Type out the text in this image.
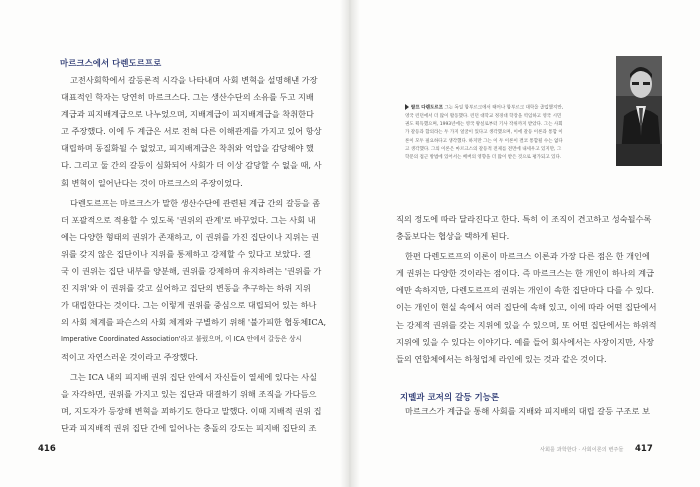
마르크스에서 다렌도르프로

고전사회학에서 갈등론적 시각을 나타내며 사회 변혁을 설명해낸 가장

대표적인 학자는 당연히 마르크스다. 그는 생산수단의 소유를 두고 지배

계급과 피지배계급으로 나누었으며, 지배계급이 피지배계급을 착취한다

고 주장했다. 이에 두 계급은 서로 전혀 다른 이해관계를 가지고 있어 항상

대립하며 동질화될 수 없었고, 피지배계급은 착취와 억압을 감당해야 했

다. 그리고 둘 간의 갈등이 심화되어 사회가 더 이상 감당할 수 없을 때, 사

회 변혁이 일어난다는 것이 마르크스의 주장이었다.

다렌도르프는 마르크스가 말한 생산수단에 관련된 계급 간의 갈등을 좀

더 포괄적으로 적용할 수 있도록 '권위의 관계'로 바꾸었다. 그는 사회 내

에는 다양한 형태의 권위가 존재하고, 이 권위를 가진 집단이나 지위는 권

위를 갖지 않은 집단이나 지위를 통제하고 강제할 수 있다고 보았다. 결

국 이 권위는 집단 내부를 양분해, 권위를 강제하며 유지하려는 '권위를 가

진 지위'와 이 권위를 갖고 싶어하고 집단의 변동을 추구하는 하위 지위

가 대립한다는 것이다. 그는 이렇게 권위를 중심으로 대립되어 있는 하나

의 사회 체계를 파슨스의 사회 체계와 구별하기 위해 '불가피한 협동체ICA,

Imperative Coordinated Association'라고 불렀으며, 이 ICA 안에서 갈등은 상시

적이고 자연스러운 것이라고 주장했다.

그는 ICA 내의 피지배 권위 집단 안에서 자신들이 열세에 있다는 사실

을 자각하면, 권위를 가지고 있는 집단과 대결하기 위해 조직을 가다듬으

며, 지도자가 등장해 변혁을 꾀하기도 한다고 말했다. 이때 지배적 권위 집

단과 피지배적 권위 집단 간에 일어나는 충돌의 강도는 피지배 집단의 조

416

랄프 다렌도르프 그는 독일 함부르크에서 태어나 함부르크 대학을 졸업했지만,

영국 런던에서 더 많이 활동했다. 런던 대학교 정경대 학장을 역임하고 영국 시민

권도 획득했으며, 1993년에는 영국 왕실로부터 기사 작위까지 받았다. 그는 사회

가 갈등과 합의라는 두 가지 얼굴이 있다고 생각했으며, 이에 갈등 이론과 통합 이

론이 모두 필요하다고 생각했다. 하지만 그는 이 두 이론이 결코 통합될 수는 없다

고 생각했다. 그의 이론은 마르크스의 갈등적 전제를 전면에 내세우고 있지만, 그

학문의 접근 방법에 있어서는 베버의 영향을 더 많이 받은 것으로 평가되고 있다.

직의 정도에 따라 달라진다고 한다. 특히 이 조직이 견고하고 성숙될수록

충돌보다는 협상을 택하게 된다.

한편 다렌도르프의 이론이 마르크스 이론과 가장 다른 점은 한 개인에

게 권위는 다양한 것이라는 점이다. 즉 마르크스는 한 개인이 하나의 계급

에만 속하지만, 다렌도르프의 권위는 개인이 속한 집단마다 다를 수 있다.

이는 개인이 현실 속에서 여러 집단에 속해 있고, 이에 따라 어떤 집단에서

는 강제적 권위를 갖는 지위에 있을 수 있으며, 또 어떤 집단에서는 하위적

지위에 있을 수 있다는 이야기다. 예를 들어 회사에서는 사장이지만, 사장

들의 연합체에서는 하청업체 라인에 있는 것과 같은 것이다.

지멜과 코저의 갈등 기능론

마르크스가 계급을 통해 사회를 지배와 피지배의 대립 갈등 구조로 보

사회를 과학한다 · 사회이론의 변주들 417
